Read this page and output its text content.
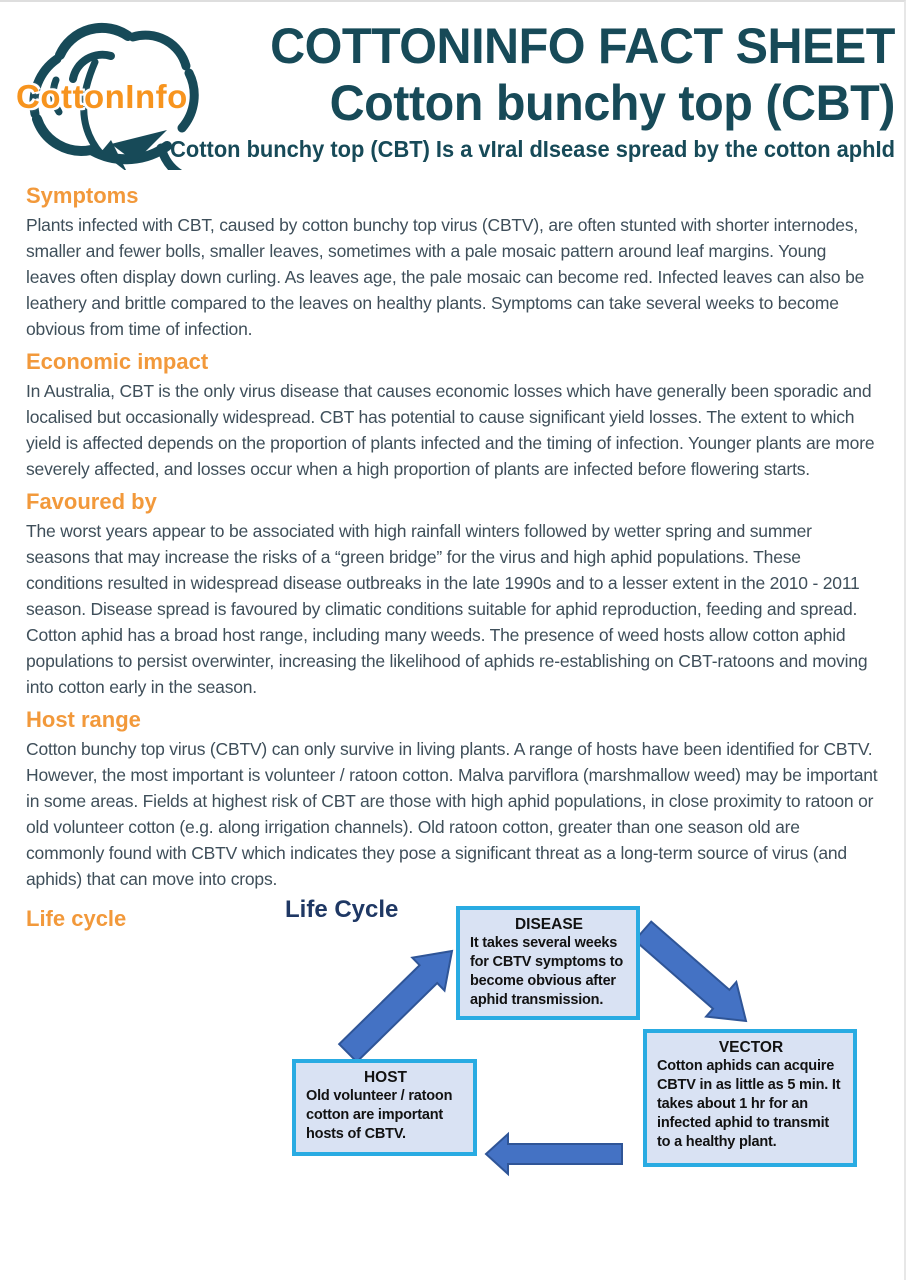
CottonInfo
COTTONINFO FACT SHEET
Cotton bunchy top (CBT)
Cotton bunchy top (CBT) Is a vIral dIsease spread by the cotton aphId
Symptoms

Plants infected with CBT, caused by cotton bunchy top virus (CBTV), are often stunted with shorter internodes, smaller and fewer bolls, smaller leaves, sometimes with a pale mosaic pattern around leaf margins. Young leaves often display down curling. As leaves age, the pale mosaic can become red. Infected leaves can also be leathery and brittle compared to the leaves on healthy plants. Symptoms can take several weeks to become obvious from time of infection.

Economic impact

In Australia, CBT is the only virus disease that causes economic losses which have generally been sporadic and localised but occasionally widespread. CBT has potential to cause significant yield losses. The extent to which yield is affected depends on the proportion of plants infected and the timing of infection. Younger plants are more severely affected, and losses occur when a high proportion of plants are infected before flowering starts.

Favoured by

The worst years appear to be associated with high rainfall winters followed by wetter spring and summer seasons that may increase the risks of a “green bridge” for the virus and high aphid populations. These conditions resulted in widespread disease outbreaks in the late 1990s and to a lesser extent in the 2010 - 2011 season. Disease spread is favoured by climatic conditions suitable for aphid reproduction, feeding and spread. Cotton aphid has a broad host range, including many weeds. The presence of weed hosts allow cotton aphid populations to persist overwinter, increasing the likelihood of aphids re-establishing on CBT-ratoons and moving into cotton early in the season.

Host range

Cotton bunchy top virus (CBTV) can only survive in living plants. A range of hosts have been identified for CBTV. However, the most important is volunteer / ratoon cotton. Malva parviflora (marshmallow weed) may be important in some areas. Fields at highest risk of CBT are those with high aphid populations, in close proximity to ratoon or old volunteer cotton (e.g. along irrigation channels). Old ratoon cotton, greater than one season old are commonly found with CBTV which indicates they pose a significant threat as a long-term source of virus (and aphids) that can move into crops.

Life cycle	Life Cycle
DISEASE
It takes several weeks for CBTV symptoms to become obvious after aphid transmission.
VECTOR
Cotton aphids can acquire CBTV in as little as 5 min. It takes about 1 hr for an infected aphid to transmit to a healthy plant.
HOST
Old volunteer / ratoon cotton are important hosts of CBTV.
